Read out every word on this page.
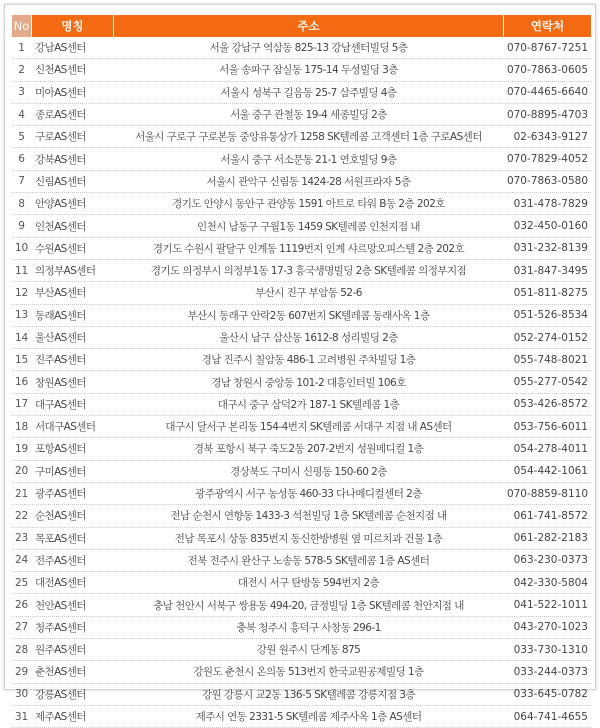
No	명칭	주소	연락처
1	강남AS센터	서울 강남구 역삼동 825-13 강남센터빌딩 5층	070-8767-7251
2	신천AS센터	서울 송파구 잠실동 175-14 두성빌딩 3층	070-7863-0605
3	미아AS센터	서울시 성북구 길음동 25-7 삼주빌딩 4층	070-4465-6640
4	종로AS센터	서울 중구 관철동 19-4 세종빌딩 2층	070-8895-4703
5	구로AS센터	서울시 구로구 구로본동 중앙유통상가 1258 SK텔레콤 고객센터 1층 구로AS센터	02-6343-9127
6	강북AS센터	서울시 중구 서소문동 21-1 연호빌딩 9층	070-7829-4052
7	신림AS센터	서울시 관악구 신림동 1424-28 서원프라자 5층	070-7863-0580
8	안양AS센터	경기도 안양시 동안구 관양동 1591 아트로 타워 B동 2층 202호	031-478-7829
9	인천AS센터	인천시 남동구 구월1동 1459 SK텔레콤 인천지점 내	032-450-0160
10	수원AS센터	경기도 수원시 팔달구 인계동 1119번지 인계 샤르망오피스텔 2층 202호	031-232-8139
11	의정부AS센터	경기도 의정부시 의정부1동 17-3 흥국생명빌딩 2층 SK텔레콤 의정부지점	031-847-3495
12	부산AS센터	부산시 진구 부암동 52-6	051-811-8275
13	동래AS센터	부산시 동래구 안락2동 607번지 SK텔레콤 동래사옥 1층	051-526-8534
14	울산AS센터	울산시 남구 삼산동 1612-8 성리빌딩 2층	052-274-0152
15	진주AS센터	경남 진주시 칠암동 486-1 고려병원 주차빌딩 1층	055-748-8021
16	창원AS센터	경남 창원시 중앙동 101-2 대흥인터빌 106호	055-277-0542
17	대구AS센터	대구시 중구 삼덕2가 187-1 SK텔레콤 1층	053-426-8572
18	서대구AS센터	대구시 달서구 본리동 154-4번지 SK텔레콤 서대구 지점 내 AS센터	053-756-6011
19	포항AS센터	경북 포항시 북구 죽도2동 207-2번지 성원메디컬 1층	054-278-4011
20	구미AS센터	경상북도 구미시 신평동 150-60 2층	054-442-1061
21	광주AS센터	광주광역시 서구 농성동 460-33 다나메디컬센터 2층	070-8859-8110
22	순천AS센터	전남 순천시 연향동 1433-3 석천빌딩 1층 SK텔레콤 순천지점 내	061-741-8572
23	목포AS센터	전남 목포시 상동 835번지 동신한방병원 옆 미르치과 건물 1층	061-282-2183
24	전주AS센터	전북 전주시 완산구 노송동 578-5 SK텔레콤 1층 AS센터	063-230-0373
25	대전AS센터	대전시 서구 탄방동 594번지 2층	042-330-5804
26	천안AS센터	충남 천안시 서북구 쌍용동 494-20, 금정빌딩 1층 SK텔레콤 천안지점 내	041-522-1011
27	청주AS센터	충북 청주시 흥덕구 사창동 296-1	043-270-1023
28	원주AS센터	강원 원주시 단계동 875	033-730-1310
29	춘천AS센터	강원도 춘천시 온의동 513번지 한국교원공제빌딩 1층	033-244-0373
30	강릉AS센터	강원 강릉시 교2동 136-5 SK텔레콤 강릉지점 3층	033-645-0782
31	제주AS센터	제주시 연동 2331-5 SK텔레콤 제주사옥 1층 AS센터	064-741-4655
